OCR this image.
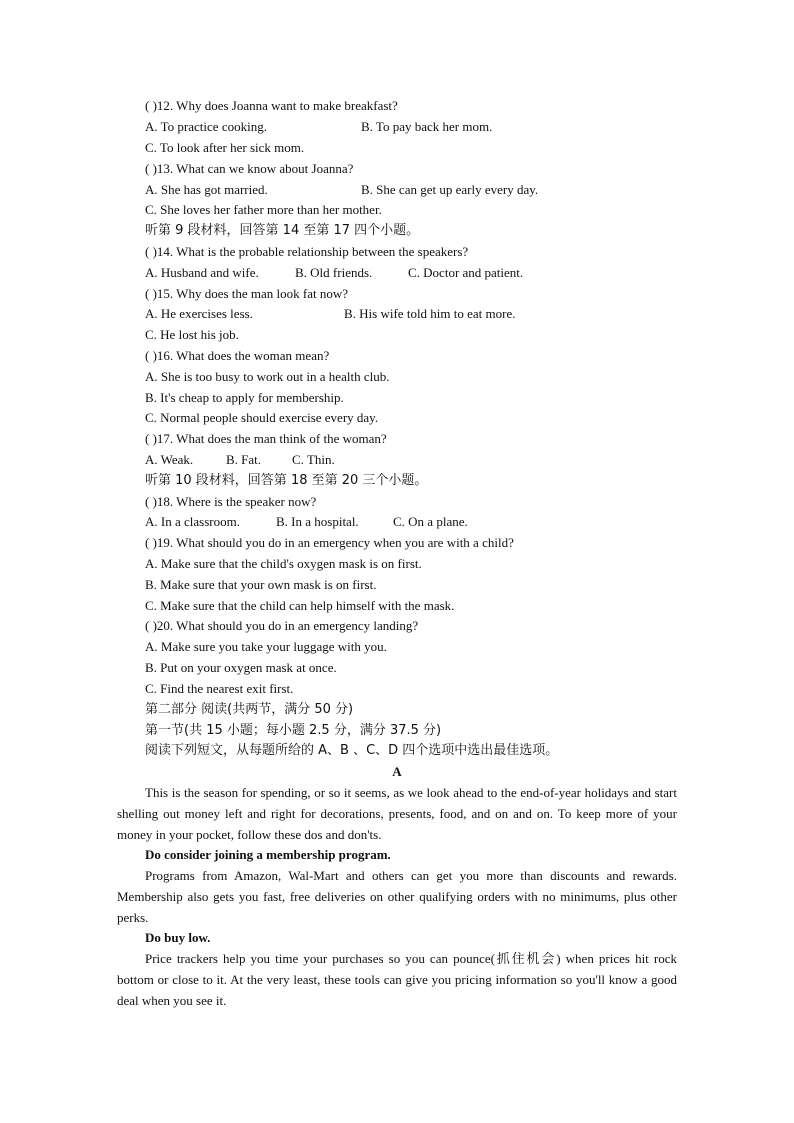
( )12. Why does Joanna want to make breakfast?
A. To practice cooking.	B. To pay back her mom.
C. To look after her sick mom.
( )13. What can we know about Joanna?
A. She has got married.	B. She can get up early every day.
C. She loves her father more than her mother.
听第 9 段材料，回答第 14 至第 17 四个小题。
( )14. What is the probable relationship between the speakers?
A. Husband and wife.	B. Old friends.	C. Doctor and patient.
( )15. Why does the man look fat now?
A. He exercises less.	B. His wife told him to eat more.
C. He lost his job.
( )16. What does the woman mean?
A. She is too busy to work out in a health club.
B. It's cheap to apply for membership.
C. Normal people should exercise every day.
( )17. What does the man think of the woman?
A. Weak.	B. Fat. C. Thin.
听第 10 段材料，回答第 18 至第 20 三个小题。
( )18. Where is the speaker now?
A. In a classroom.	B. In a hospital.	C. On a plane.
( )19. What should you do in an emergency when you are with a child?
A. Make sure that the child's oxygen mask is on first.
B. Make sure that your own mask is on first.
C. Make sure that the child can help himself with the mask.
( )20. What should you do in an emergency landing?
A. Make sure you take your luggage with you.
B. Put on your oxygen mask at once.
C. Find the nearest exit first.
第二部分 阅读(共两节，满分 50 分)
第一节(共 15 小题；每小题 2.5 分，满分 37.5 分)
阅读下列短文，从每题所给的 A、B 、C、D 四个选项中选出最佳选项。
A
This is the season for spending, or so it seems, as we look ahead to the end-of-year holidays and start shelling out money left and right for decorations, presents, food, and on and on. To keep more of your money in your pocket, follow these dos and don'ts.
Do consider joining a membership program.
Programs from Amazon, Wal-Mart and others can get you more than discounts and rewards. Membership also gets you fast, free deliveries on other qualifying orders with no minimums, plus other perks.
Do buy low.
Price trackers help you time your purchases so you can pounce(抓住机会) when prices hit rock bottom or close to it. At the very least, these tools can give you pricing information so you'll know a good deal when you see it.
